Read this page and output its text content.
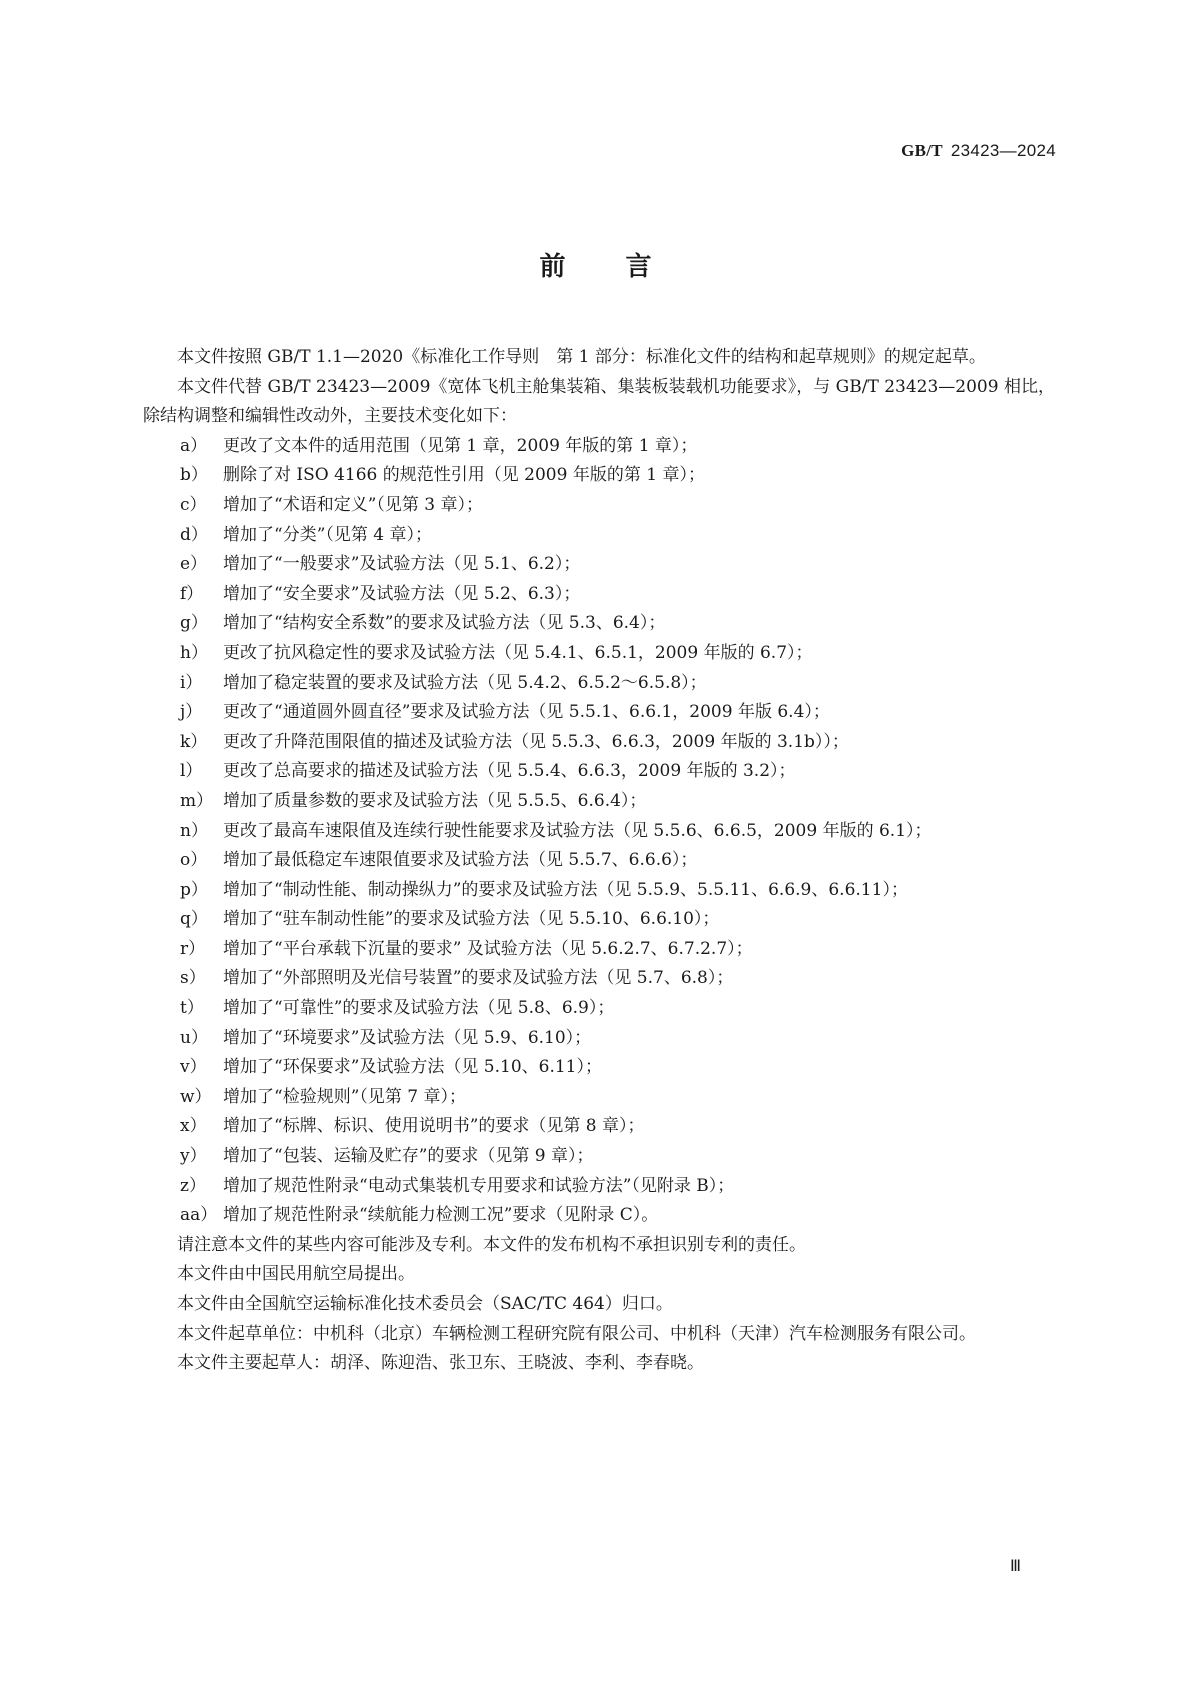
GB/T 23423—2024
前言

本文件按照 GB/T 1.1—2020《标准化工作导则　第 1 部分：标准化文件的结构和起草规则》的规定起草。

本文件代替 GB/T 23423—2009《宽体飞机主舱集装箱、集装板装载机功能要求》，与 GB/T 23423—2009 相比，除结构调整和编辑性改动外，主要技术变化如下：

a） 更改了文本件的适用范围（见第 1 章，2009 年版的第 1 章）；
b） 删除了对 ISO 4166 的规范性引用（见 2009 年版的第 1 章）；
c） 增加了“术语和定义”（见第 3 章）；
d） 增加了“分类”（见第 4 章）；
e） 增加了“一般要求”及试验方法（见 5.1、6.2）；
f）	增加了“安全要求”及试验方法（见 5.2、6.3）；
g） 增加了“结构安全系数”的要求及试验方法（见 5.3、6.4）；
h） 更改了抗风稳定性的要求及试验方法（见 5.4.1、6.5.1，2009 年版的 6.7）；
i）	增加了稳定装置的要求及试验方法（见 5.4.2、6.5.2～6.5.8）；
j）	更改了“通道圆外圆直径”要求及试验方法（见 5.5.1、6.6.1，2009 年版 6.4）；
k） 更改了升降范围限值的描述及试验方法（见 5.5.3、6.6.3，2009 年版的 3.1b））；
l）	更改了总高要求的描述及试验方法（见 5.5.4、6.6.3，2009 年版的 3.2）；
m） 增加了质量参数的要求及试验方法（见 5.5.5、6.6.4）；
n） 更改了最高车速限值及连续行驶性能要求及试验方法（见 5.5.6、6.6.5，2009 年版的 6.1）；
o） 增加了最低稳定车速限值要求及试验方法（见 5.5.7、6.6.6）；
p） 增加了“制动性能、制动操纵力”的要求及试验方法（见 5.5.9、5.5.11、6.6.9、6.6.11）；
q） 增加了“驻车制动性能”的要求及试验方法（见 5.5.10、6.6.10）；
r）	增加了“平台承载下沉量的要求” 及试验方法（见 5.6.2.7、6.7.2.7）；
s）	增加了“外部照明及光信号装置”的要求及试验方法（见 5.7、6.8）；
t）	增加了“可靠性”的要求及试验方法（见 5.8、6.9）；
u） 增加了“环境要求”及试验方法（见 5.9、6.10）；
v） 增加了“环保要求”及试验方法（见 5.10、6.11）；
w） 增加了“检验规则”（见第 7 章）；
x） 增加了“标牌、标识、使用说明书”的要求（见第 8 章）；
y） 增加了“包装、运输及贮存”的要求（见第 9 章）；
z）	增加了规范性附录“电动式集装机专用要求和试验方法”（见附录 B）；
aa） 增加了规范性附录“续航能力检测工况”要求（见附录 C）。

请注意本文件的某些内容可能涉及专利。本文件的发布机构不承担识别专利的责任。

本文件由中国民用航空局提出。

本文件由全国航空运输标准化技术委员会（SAC/TC 464）归口。

本文件起草单位：中机科（北京）车辆检测工程研究院有限公司、中机科（天津）汽车检测服务有限公司。

本文件主要起草人：胡泽、陈迎浩、张卫东、王晓波、李利、李春晓。

Ⅲ
